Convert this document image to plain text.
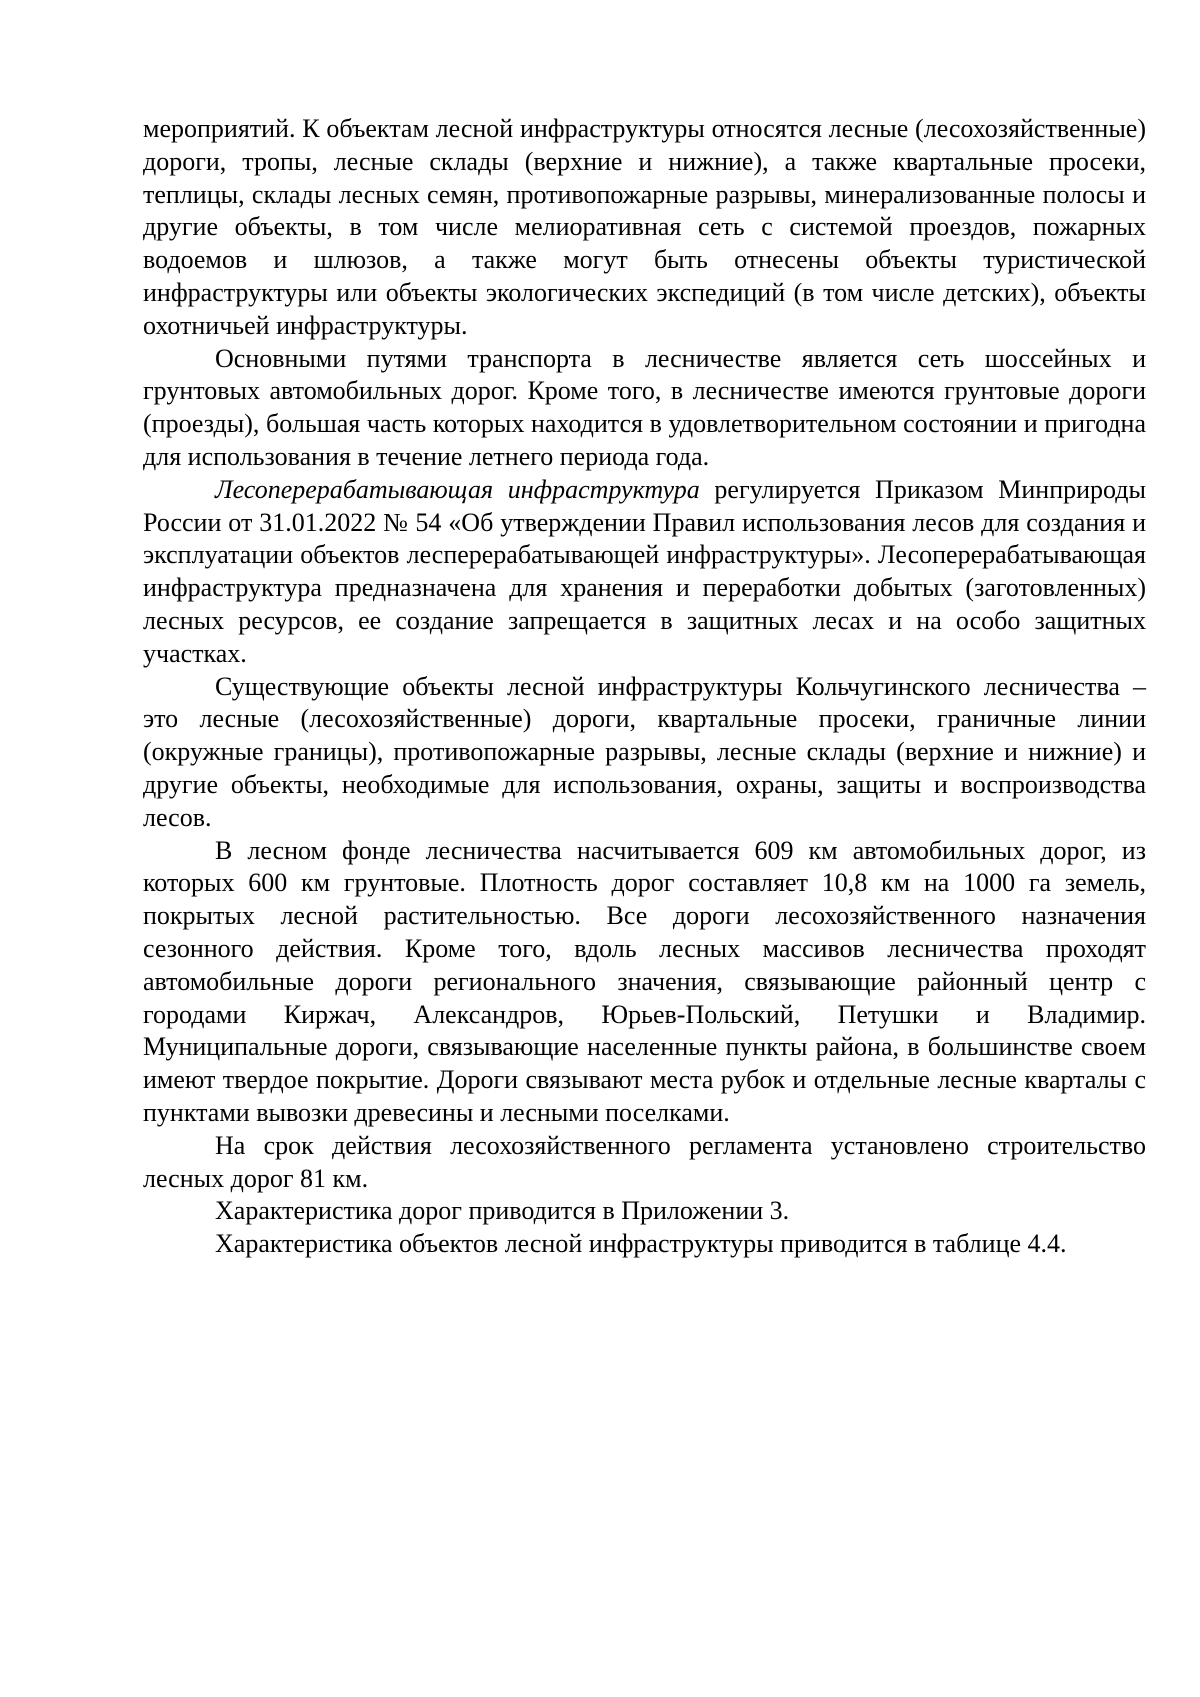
мероприятий. К объектам лесной инфраструктуры относятся лесные (лесохозяйственные) дороги, тропы, лесные склады (верхние и нижние), а также квартальные просеки, теплицы, склады лесных семян, противопожарные разрывы, минерализованные полосы и другие объекты, в том числе мелиоративная сеть с системой проездов, пожарных водоемов и шлюзов, а также могут быть отнесены объекты туристической инфраструктуры или объекты экологических экспедиций (в том числе детских), объекты охотничьей инфраструктуры.

Основными путями транспорта в лесничестве является сеть шоссейных и грунтовых автомобильных дорог. Кроме того, в лесничестве имеются грунтовые дороги (проезды), большая часть которых находится в удовлетворительном состоянии и пригодна для использования в течение летнего периода года.

Лесоперерабатывающая инфраструктура регулируется Приказом Минприроды России от 31.01.2022 № 54 «Об утверждении Правил использования лесов для создания и эксплуатации объектов лесперерабатывающей инфраструктуры». Лесоперерабатывающая инфраструктура предназначена для хранения и переработки добытых (заготовленных) лесных ресурсов, ее создание запрещается в защитных лесах и на особо защитных участках.

Существующие объекты лесной инфраструктуры Кольчугинского лесничества – это лесные (лесохозяйственные) дороги, квартальные просеки, граничные линии (окружные границы), противопожарные разрывы, лесные склады (верхние и нижние) и другие объекты, необходимые для использования, охраны, защиты и воспроизводства лесов.

В лесном фонде лесничества насчитывается 609 км автомобильных дорог, из которых 600 км грунтовые. Плотность дорог составляет 10,8 км на 1000 га земель, покрытых лесной растительностью. Все дороги лесохозяйственного назначения сезонного действия. Кроме того, вдоль лесных массивов лесничества проходят автомобильные дороги регионального значения, связывающие районный центр с городами Киржач, Александров, Юрьев-Польский, Петушки и Владимир. Муниципальные дороги, связывающие населенные пункты района, в большинстве своем имеют твердое покрытие. Дороги связывают места рубок и отдельные лесные кварталы с пунктами вывозки древесины и лесными поселками.

На срок действия лесохозяйственного регламента установлено строительство лесных дорог 81 км.

Характеристика дорог приводится в Приложении 3.

Характеристика объектов лесной инфраструктуры приводится в таблице 4.4.
